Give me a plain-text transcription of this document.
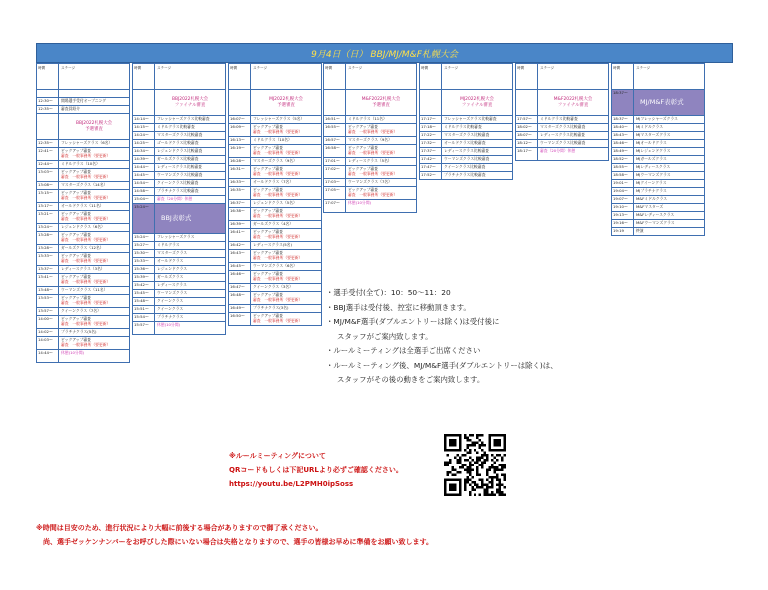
9月4日（日） BBJ/MJ/M&F札幌大会
時間	ステージ
12:30～	開場選手受付オープニング
12:35～	審査員紹介
BBJ2022札幌大会
予選審査
12:35～	フレッシャーズクラス（6名）
12:41～	ビックアップ審査
審査　一般事務所（要更新）
12:44～	ミドルクラス（10名）
13:03～	ビックアップ審査
審査　一般事務所（要更新）
13:08～	マスターズクラス（14名）
13:15～	ビックアップ審査
審査　一般事務所（要更新）
13:17～	オールドクラス（11名）
13:21～	ビックアップ審査
審査　一般事務所（要更新）
13:24～	レジェンドクラス（6名）
13:28～	ビックアップ審査
審査　一般事務所（要更新）
13:28～	ガールズクラス（12名）
13:33～	ビックアップ審査
審査　一般事務所（要更新）
13:37～	レディースクラス（3名）
13:41～	ビックアップ審査
審査　一般事務所（要更新）
13:48～	ウーマンズクラス（11名）
13:53～	ビックアップ審査
審査　一般事務所（要更新）
13:57～	クイーンクラス（7名）
14:00～	ビックアップ審査
審査　一般事務所（要更新）
14:02～	プラチナクラス(5名)
14:03～	ビックアップ審査
審査　一般事務所（要更新）
14:44～	休憩(10分間)
時間	ステージ
BBJ2022札幌大会
ファイナル審査
14:14～	フレッシャーズクラス比較審査
14:15～	ミドルクラス比較審査
14:24～	マスターズクラス比較審査
14:25～	ゴールドクラス比較審査
14:34～	レジェンドクラス比較審査
14:39～	ガールズクラス比較審査
14:44～	レディースクラス比較審査
14:45～	ウーマンズクラス比較審査
14:54～	クイーンクラス比較審査
14:58～	プラチナクラス比較審査
15:04～	審査（20分間）休憩
15:24～
BBJ表彰式
15:24～	フレッシャーズクラス
15:27～	ミドルクラス
15:30～	マスターズクラス
15:33～	オールドクラス
15:36～	レジェンドクラス
15:39～	ガールズクラス
15:42～	レディースクラス
15:45～	ウーマンズクラス
15:48～	クイーンクラス
15:51～	クイーンクラス
15:54～	プラチナクラス
15:57～	休憩(10分間)
時間	ステージ
MJ2022札幌大会
予選審査
16:07～	フレッシャーズクラス（5名）
16:09～	ビックアップ審査
審査　一般事務所（要更新）
16:13～	ミドルクラス（10名）
16:19～	ビックアップ審査
審査　一般事務所（要更新）
16:28～	マスターズクラス（9名）
16:31～	ビックアップ審査
審査　一般事務所（要更新）
16:33～	オールドクラス（7名）
16:35～	ビックアップ審査
審査　一般事務所（要更新）
16:37～	レジェンドクラス（5名）
16:38～	ビックアップ審査
審査　一般事務所（要更新）
16:39～	ガールズクラス（4名）
16:41～	ビックアップ審査
審査　一般事務所（要更新）
16:42～	レディースクラス(5名)
16:43～	ビックアップ審査
審査　一般事務所（要更新）
16:45～	ウーマンズクラス（6名）
16:46～	ビックアップ審査
審査　一般事務所（要更新）
16:47～	クイーンクラス（3名）
16:48～	ビックアップ審査
審査　一般事務所（要更新）
16:49～	プラチナクラス(3名)
16:50～	ビックアップ審査
審査　一般事務所（要更新）
時間	ステージ
M&F2022札幌大会
予選審査
16:51～	ミドルクラス（11名）
16:55～	ビックアップ審査
審査　一般事務所（要更新）
16:57～	マスターズクラス（9名）
16:58～	ビックアップ審査
審査　一般事務所（要更新）
17:01～	レディースクラス（5名）
17:02～	ビックアップ審査
審査　一般事務所（要更新）
17:03～	ウーマンズクラス（7名）
17:05～	ビックアップ審査
審査　一般事務所（要更新）
17:07～	休憩(10分間)
時間	ステージ
MJ2022札幌大会
ファイナル審査
17:17～	フレッシャーズクラス比較審査
17:18～	ミドルクラス比較審査
17:22～	マスターズクラス比較審査
17:32～	オールドクラス比較審査
17:37～	レディースクラス比較審査
17:42～	ウーマンズクラス比較審査
17:47～	クイーンクラス比較審査
17:52～	プラチナクラス比較審査
時間	ステージ
M&F2022札幌大会
ファイナル審査
17:57～	ミドルクラス比較審査
18:02～	マスターズクラス比較審査
18:07～	レディースクラス比較審査
18:12～	ウーマンズクラス比較審査
18:17～	審査（20分間）休憩
時間	ステージ
18:37～
MJ/M&F表彰式
18:37～	MJフレッシャーズクラス
18:40～	MJミドルクラス
18:43～	MJマスターズクラス
18:46～	MJオールドクラス
18:49～	MJレジェンドクラス
18:52～	MJガールズクラス
18:55～	MJレディースクラス
18:58～	MJウーマンズクラス
19:01～	MJクイーンクラス
19:04～	MJプラチナクラス
19:07～	M&Fミドルクラス
19:10～	M&Fマスターズ
19:13～	M&Fレディースクラス
19:16～	M&Fウーマンズクラス
19:19	終演
・ 選手受付(全て)：10：50～11：20
・ BBJ選手は受付後、控室に移動頂きます。
・ MJ/M&F選手(ダブルエントリーは除く)は受付後に
スタッフがご案内致します。
・ ルールミーティングは全選手ご出席ください
・ ルールミーティング後、MJ/M&F選手(ダブルエントリーは除く)は、
スタッフがその後の動きをご案内致します。
※ルールミーティングについて
QRコードもしくは下記URLより必ずご確認ください。
https://youtu.be/L2PMH0ipSoss
※時間は目安のため、進行状況により大幅に前後する場合がありますので御了承ください。
　尚、選手ゼッケンナンバーをお呼びした際にいない場合は失格となりますので、選手の皆様お早めに準備をお願い致します。
